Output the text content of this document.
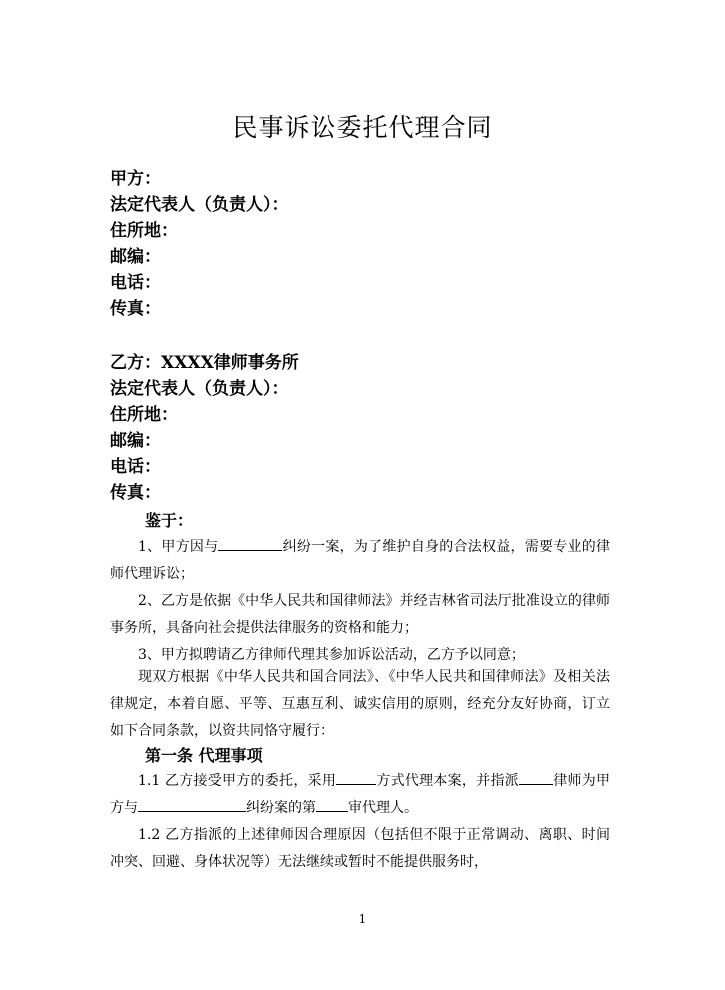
民事诉讼委托代理合同
甲方：
法定代表人（负责人）：
住所地：
邮编：
电话：
传真：
乙方：XXXX律师事务所
法定代表人（负责人）：
住所地：
邮编：
电话：
传真：
鉴于：
1、甲方因与	纠纷一案，为了维护自身的合法权益，需要专业的律师代理诉讼；
2、乙方是依据《中华人民共和国律师法》并经吉林省司法厅批准设立的律师事务所，具备向社会提供法律服务的资格和能力；
3、甲方拟聘请乙方律师代理其参加诉讼活动，乙方予以同意；
现双方根据《中华人民共和国合同法》、《中华人民共和国律师法》及相关法律规定，本着自愿、平等、互惠互利、诚实信用的原则，经充分友好协商，订立如下合同条款，以资共同恪守履行：
第一条 代理事项
1.1 乙方接受甲方的委托，采用	方式代理本案，并指派 律师为甲方与	纠纷案的第 审代理人。
1.2 乙方指派的上述律师因合理原因（包括但不限于正常调动、离职、时间冲突、回避、身体状况等）无法继续或暂时不能提供服务时，
1
